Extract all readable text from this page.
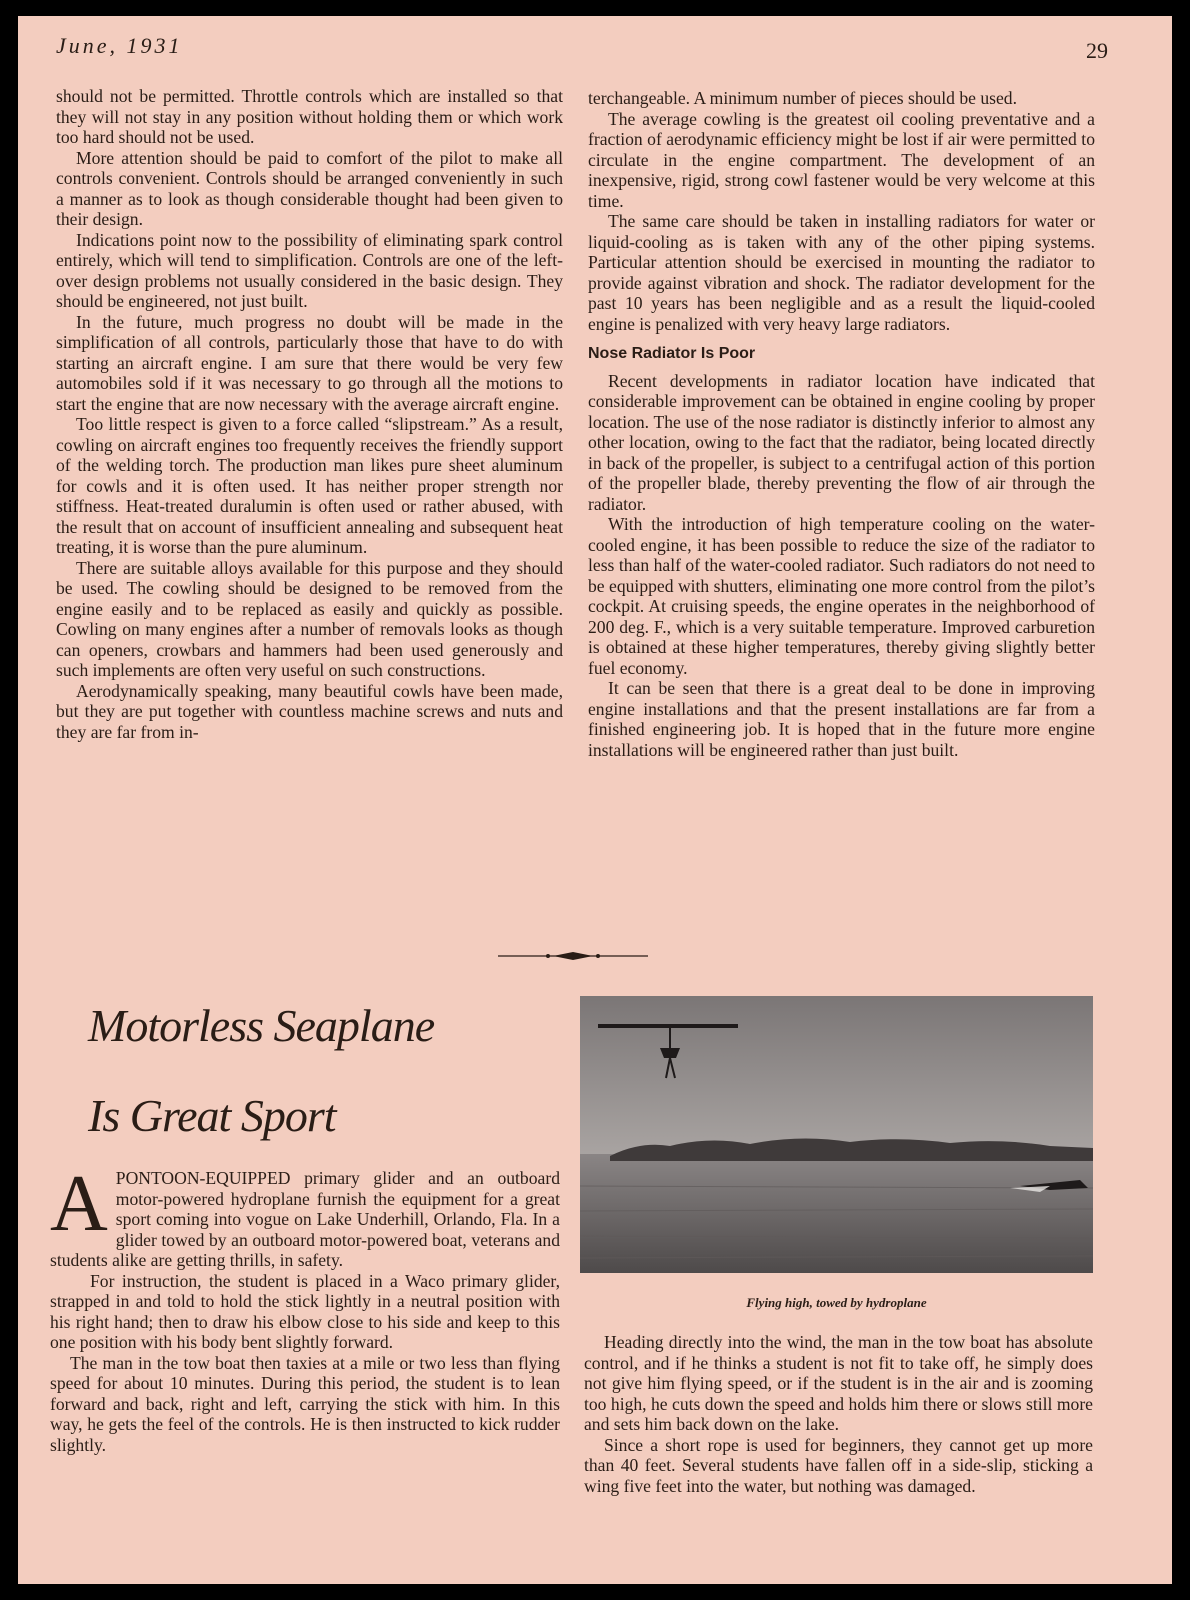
June, 1931	29

should not be permitted. Throttle controls which are installed so that they will not stay in any position without holding them or which work too hard should not be used.

More attention should be paid to comfort of the pilot to make all controls convenient. Controls should be arranged conveniently in such a manner as to look as though considerable thought had been given to their design.

Indications point now to the possibility of eliminating spark control entirely, which will tend to simplification. Controls are one of the left-over design problems not usually considered in the basic design. They should be engineered, not just built.

In the future, much progress no doubt will be made in the simplification of all controls, particularly those that have to do with starting an aircraft engine. I am sure that there would be very few automobiles sold if it was necessary to go through all the motions to start the engine that are now necessary with the average aircraft engine.

Too little respect is given to a force called “slipstream.” As a result, cowling on aircraft engines too frequently receives the friendly support of the welding torch. The production man likes pure sheet aluminum for cowls and it is often used. It has neither proper strength nor stiffness. Heat-treated duralumin is often used or rather abused, with the result that on account of insufficient annealing and subsequent heat treating, it is worse than the pure aluminum.

There are suitable alloys available for this purpose and they should be used. The cowling should be designed to be removed from the engine easily and to be replaced as easily and quickly as possible. Cowling on many engines after a number of removals looks as though can openers, crowbars and hammers had been used generously and such implements are often very useful on such constructions.

Aerodynamically speaking, many beautiful cowls have been made, but they are put together with countless machine screws and nuts and they are far from in-

terchangeable. A minimum number of pieces should be used.

The average cowling is the greatest oil cooling preventative and a fraction of aerodynamic efficiency might be lost if air were permitted to circulate in the engine compartment. The development of an inexpensive, rigid, strong cowl fastener would be very welcome at this time.

The same care should be taken in installing radiators for water or liquid-cooling as is taken with any of the other piping systems. Particular attention should be exercised in mounting the radiator to provide against vibration and shock. The radiator development for the past 10 years has been negligible and as a result the liquid-cooled engine is penalized with very heavy large radiators.

Nose Radiator Is Poor

Recent developments in radiator location have indicated that considerable improvement can be obtained in engine cooling by proper location. The use of the nose radiator is distinctly inferior to almost any other location, owing to the fact that the radiator, being located directly in back of the propeller, is subject to a centrifugal action of this portion of the propeller blade, thereby preventing the flow of air through the radiator.

With the introduction of high temperature cooling on the water-cooled engine, it has been possible to reduce the size of the radiator to less than half of the water-cooled radiator. Such radiators do not need to be equipped with shutters, eliminating one more control from the pilot’s cockpit. At cruising speeds, the engine operates in the neighborhood of 200 deg. F., which is a very suitable temperature. Improved carburetion is obtained at these higher temperatures, thereby giving slightly better fuel economy.

It can be seen that there is a great deal to be done in improving engine installations and that the present installations are far from a finished engineering job. It is hoped that in the future more engine installations will be engineered rather than just built.

Motorless Seaplane
Is Great Sport

APONTOON-EQUIPPED primary glider and an outboard motor-powered hydroplane furnish the equipment for a great sport coming into vogue on Lake Underhill, Orlando, Fla. In a glider towed by an outboard motor-powered boat, veterans and students alike are getting thrills, in safety.

For instruction, the student is placed in a Waco primary glider, strapped in and told to hold the stick lightly in a neutral position with his right hand; then to draw his elbow close to his side and keep to this one position with his body bent slightly forward.

The man in the tow boat then taxies at a mile or two less than flying speed for about 10 minutes. During this period, the student is to lean forward and back, right and left, carrying the stick with him. In this way, he gets the feel of the controls. He is then instructed to kick rudder slightly.

Flying high, towed by hydroplane

Heading directly into the wind, the man in the tow boat has absolute control, and if he thinks a student is not fit to take off, he simply does not give him flying speed, or if the student is in the air and is zooming too high, he cuts down the speed and holds him there or slows still more and sets him back down on the lake.

Since a short rope is used for beginners, they cannot get up more than 40 feet. Several students have fallen off in a side-slip, sticking a wing five feet into the water, but nothing was damaged.
